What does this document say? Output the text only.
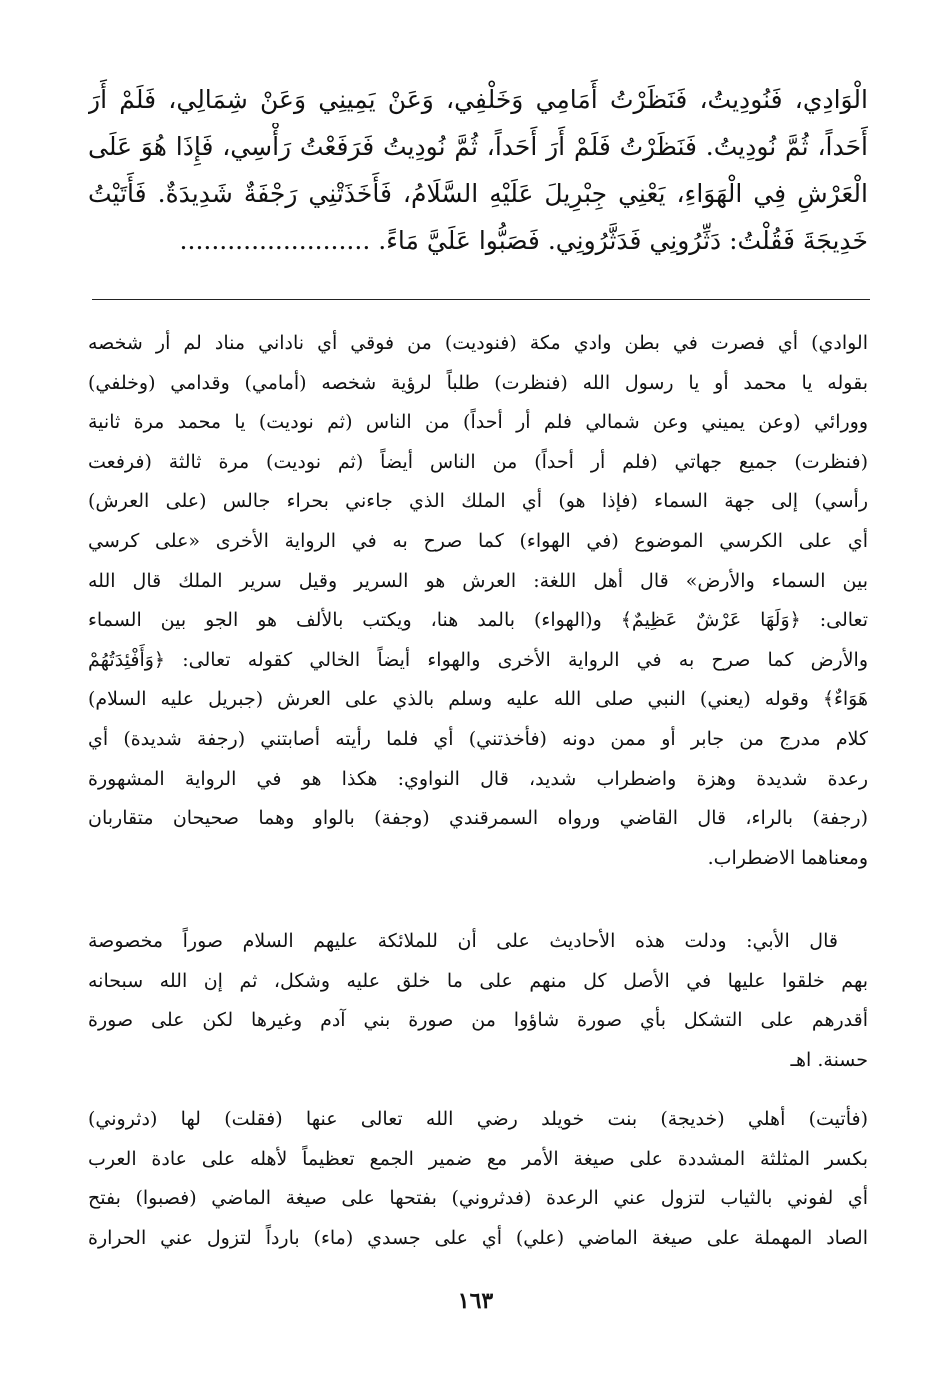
الْوَادِي، فَنُودِيتُ، فَنَظَرْتُ أَمَامِي وَخَلْفِي، وَعَنْ يَمِينِي وَعَنْ شِمَالِي، فَلَمْ أَرَ
أَحَداً، ثُمَّ نُودِيتُ. فَنَظَرْتُ فَلَمْ أَرَ أَحَداً، ثُمَّ نُودِيتُ فَرَفَعْتُ رَأْسِي، فَإِذَا هُوَ عَلَى
الْعَرْشِ فِي الْهَوَاءِ، يَعْنِي جِبْرِيلَ عَلَيْهِ السَّلَامُ، فَأَخَذَتْنِي رَجْفَةٌ شَدِيدَةٌ. فَأَتَيْتُ
خَدِيجَةَ فَقُلْتُ: دَثِّرُونِي فَدَثَّرُونِي. فَصَبُّوا عَلَيَّ مَاءً. ........................
الوادي) أي فصرت في بطن وادي مكة (فنوديت) من فوقي أي ناداني مناد لم أر شخصه
بقوله يا محمد أو يا رسول الله (فنظرت) طلباً لرؤية شخصه (أمامي) وقدامي (وخلفي)
وورائي (وعن يميني وعن شمالي فلم أر أحداً) من الناس (ثم نوديت) يا محمد مرة ثانية
(فنظرت) جميع جهاتي (فلم أر أحداً) من الناس أيضاً (ثم نوديت) مرة ثالثة (فرفعت
رأسي) إلى جهة السماء (فإذا هو) أي الملك الذي جاءني بحراء جالس (على العرش)
أي على الكرسي الموضوع (في الهواء) كما صرح به في الرواية الأخرى «على كرسي
بين السماء والأرض» قال أهل اللغة: العرش هو السرير وقيل سرير الملك قال الله
تعالى: ﴿وَلَهَا عَرْشٌ عَظِيمٌ﴾ و(الهواء) بالمد هنا، ويكتب بالألف هو الجو بين السماء
والأرض كما صرح به في الرواية الأخرى والهواء أيضاً الخالي كقوله تعالى: ﴿وَأَفْئِدَتُهُمْ
هَوَاءٌ﴾ وقوله (يعني) النبي صلى الله عليه وسلم بالذي على العرش (جبريل عليه السلام)
كلام مدرج من جابر أو ممن دونه (فأخذتني) أي فلما رأيته أصابتني (رجفة شديدة) أي
رعدة شديدة وهزة واضطراب شديد، قال النواوي: هكذا هو في الرواية المشهورة
(رجفة) بالراء، قال القاضي ورواه السمرقندي (وجفة) بالواو وهما صحيحان متقاربان
ومعناهما الاضطراب.
قال الأبي: ودلت هذه الأحاديث على أن للملائكة عليهم السلام صوراً مخصوصة
بهم خلقوا عليها في الأصل كل منهم على ما خلق عليه وشكل، ثم إن الله سبحانه
أقدرهم على التشكل بأي صورة شاؤوا من صورة بني آدم وغيرها لكن على صورة
حسنة. اهـ
(فأتيت) أهلي (خديجة) بنت خويلد رضي الله تعالى عنها (فقلت) لها (دثروني)
بكسر المثلثة المشددة على صيغة الأمر مع ضمير الجمع تعظيماً لأهله على عادة العرب
أي لفوني بالثياب لتزول عني الرعدة (فدثروني) بفتحها على صيغة الماضي (فصبوا) بفتح
الصاد المهملة على صيغة الماضي (علي) أي على جسدي (ماء) بارداً لتزول عني الحرارة
١٦٣
